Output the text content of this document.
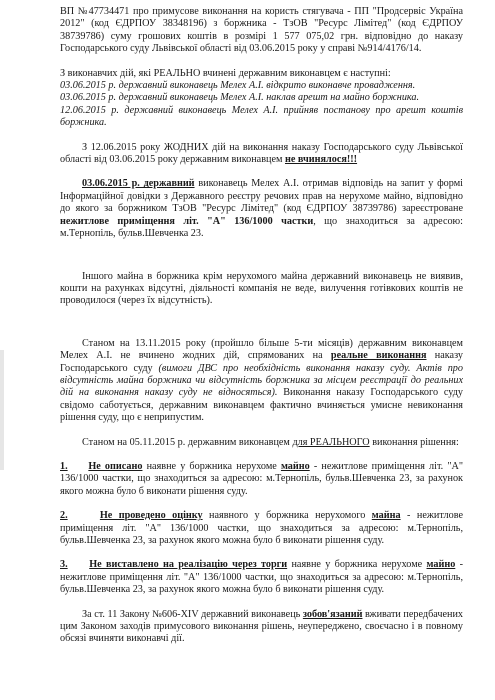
ВП №47734471 про примусове виконання на користь стягувача - ПП "Продсервіс Україна 2012" (код ЄДРПОУ 38348196) з боржника - ТзОВ "Ресурс Лімітед" (код ЄДРПОУ 38739786) суму грошових коштів в розмірі 1 577 075,02 грн. відповідно до наказу Господарського суду Львівської області від 03.06.2015 року у справі №914/4176/14.

З виконавчих дій, які РЕАЛЬНО вчинені державним виконавцем є наступні:

03.06.2015 р. державний виконавець Мелех А.І. відкрито виконавче провадження.

03.06.2015 р. державний виконавець Мелех А.І. наклав арешт на майно боржника.

12.06.2015 р. державний виконавець Мелех А.І. прийняв постанову про арешт коштів боржника.

З 12.06.2015 року ЖОДНИХ дій на виконання наказу Господарського суду Львівської області від 03.06.2015 року державним виконавцем не вчинялося!!!

03.06.2015 р. державний виконавець Мелех А.І. отримав відповідь на запит у формі Інформаційної довідки з Державного реєстру речових прав на нерухоме майно, відповідно до якого за боржником ТзОВ "Ресурс Лімітед" (код ЄДРПОУ 38739786) зареєстроване нежитлове приміщення літ. "А" 136/1000 частки, що знаходиться за адресою: м.Тернопіль, бульв.Шевченка 23.

Іншого майна в боржника крім нерухомого майна державний виконавець не виявив, кошти на рахунках відсутні, діяльності компанія не веде, вилучення готівкових коштів не проводилося (через їх відсутність).

Станом на 13.11.2015 року (пройшло більше 5-ти місяців) державним виконавцем Мелех А.І. не вчинено жодних дій, спрямованих на реальне виконання наказу Господарського суду (вимоги ДВС про необхідність виконання наказу суду. Актів про відсутність майна боржника чи відсутність боржника за місцем реєстрації до реальних дій на виконання наказу суду не відносяться). Виконання наказу Господарського суду свідомо саботується, державним виконавцем фактично вчиняється умисне невиконання рішення суду, що є неприпустим.

Станом на 05.11.2015 р. державним виконавцем для РЕАЛЬНОГО виконання рішення:

1. Не описано наявне у боржника нерухоме майно - нежитлове приміщення літ. "А" 136/1000 частки, що знаходиться за адресою: м.Тернопіль, бульв.Шевченка 23, за рахунок якого можна було б виконати рішення суду.

2.	Не проведено оцінку наявного у боржника нерухомого майна - нежитлове приміщення літ. "А" 136/1000 частки, що знаходиться за адресою: м.Тернопіль, бульв.Шевченка 23, за рахунок якого можна було б виконати рішення суду.

3. Не виставлено на реалізацію через торги наявне у боржника нерухоме майно - нежитлове приміщення літ. "А" 136/1000 частки, що знаходиться за адресою: м.Тернопіль, бульв.Шевченка 23, за рахунок якого можна було б виконати рішення суду.

За ст. 11 Закону №606-XIV державний виконавець зобов'язаний вживати передбачених цим Законом заходів примусового виконання рішень, неупереджено, своєчасно і в повному обсязі вчиняти виконавчі дії.
